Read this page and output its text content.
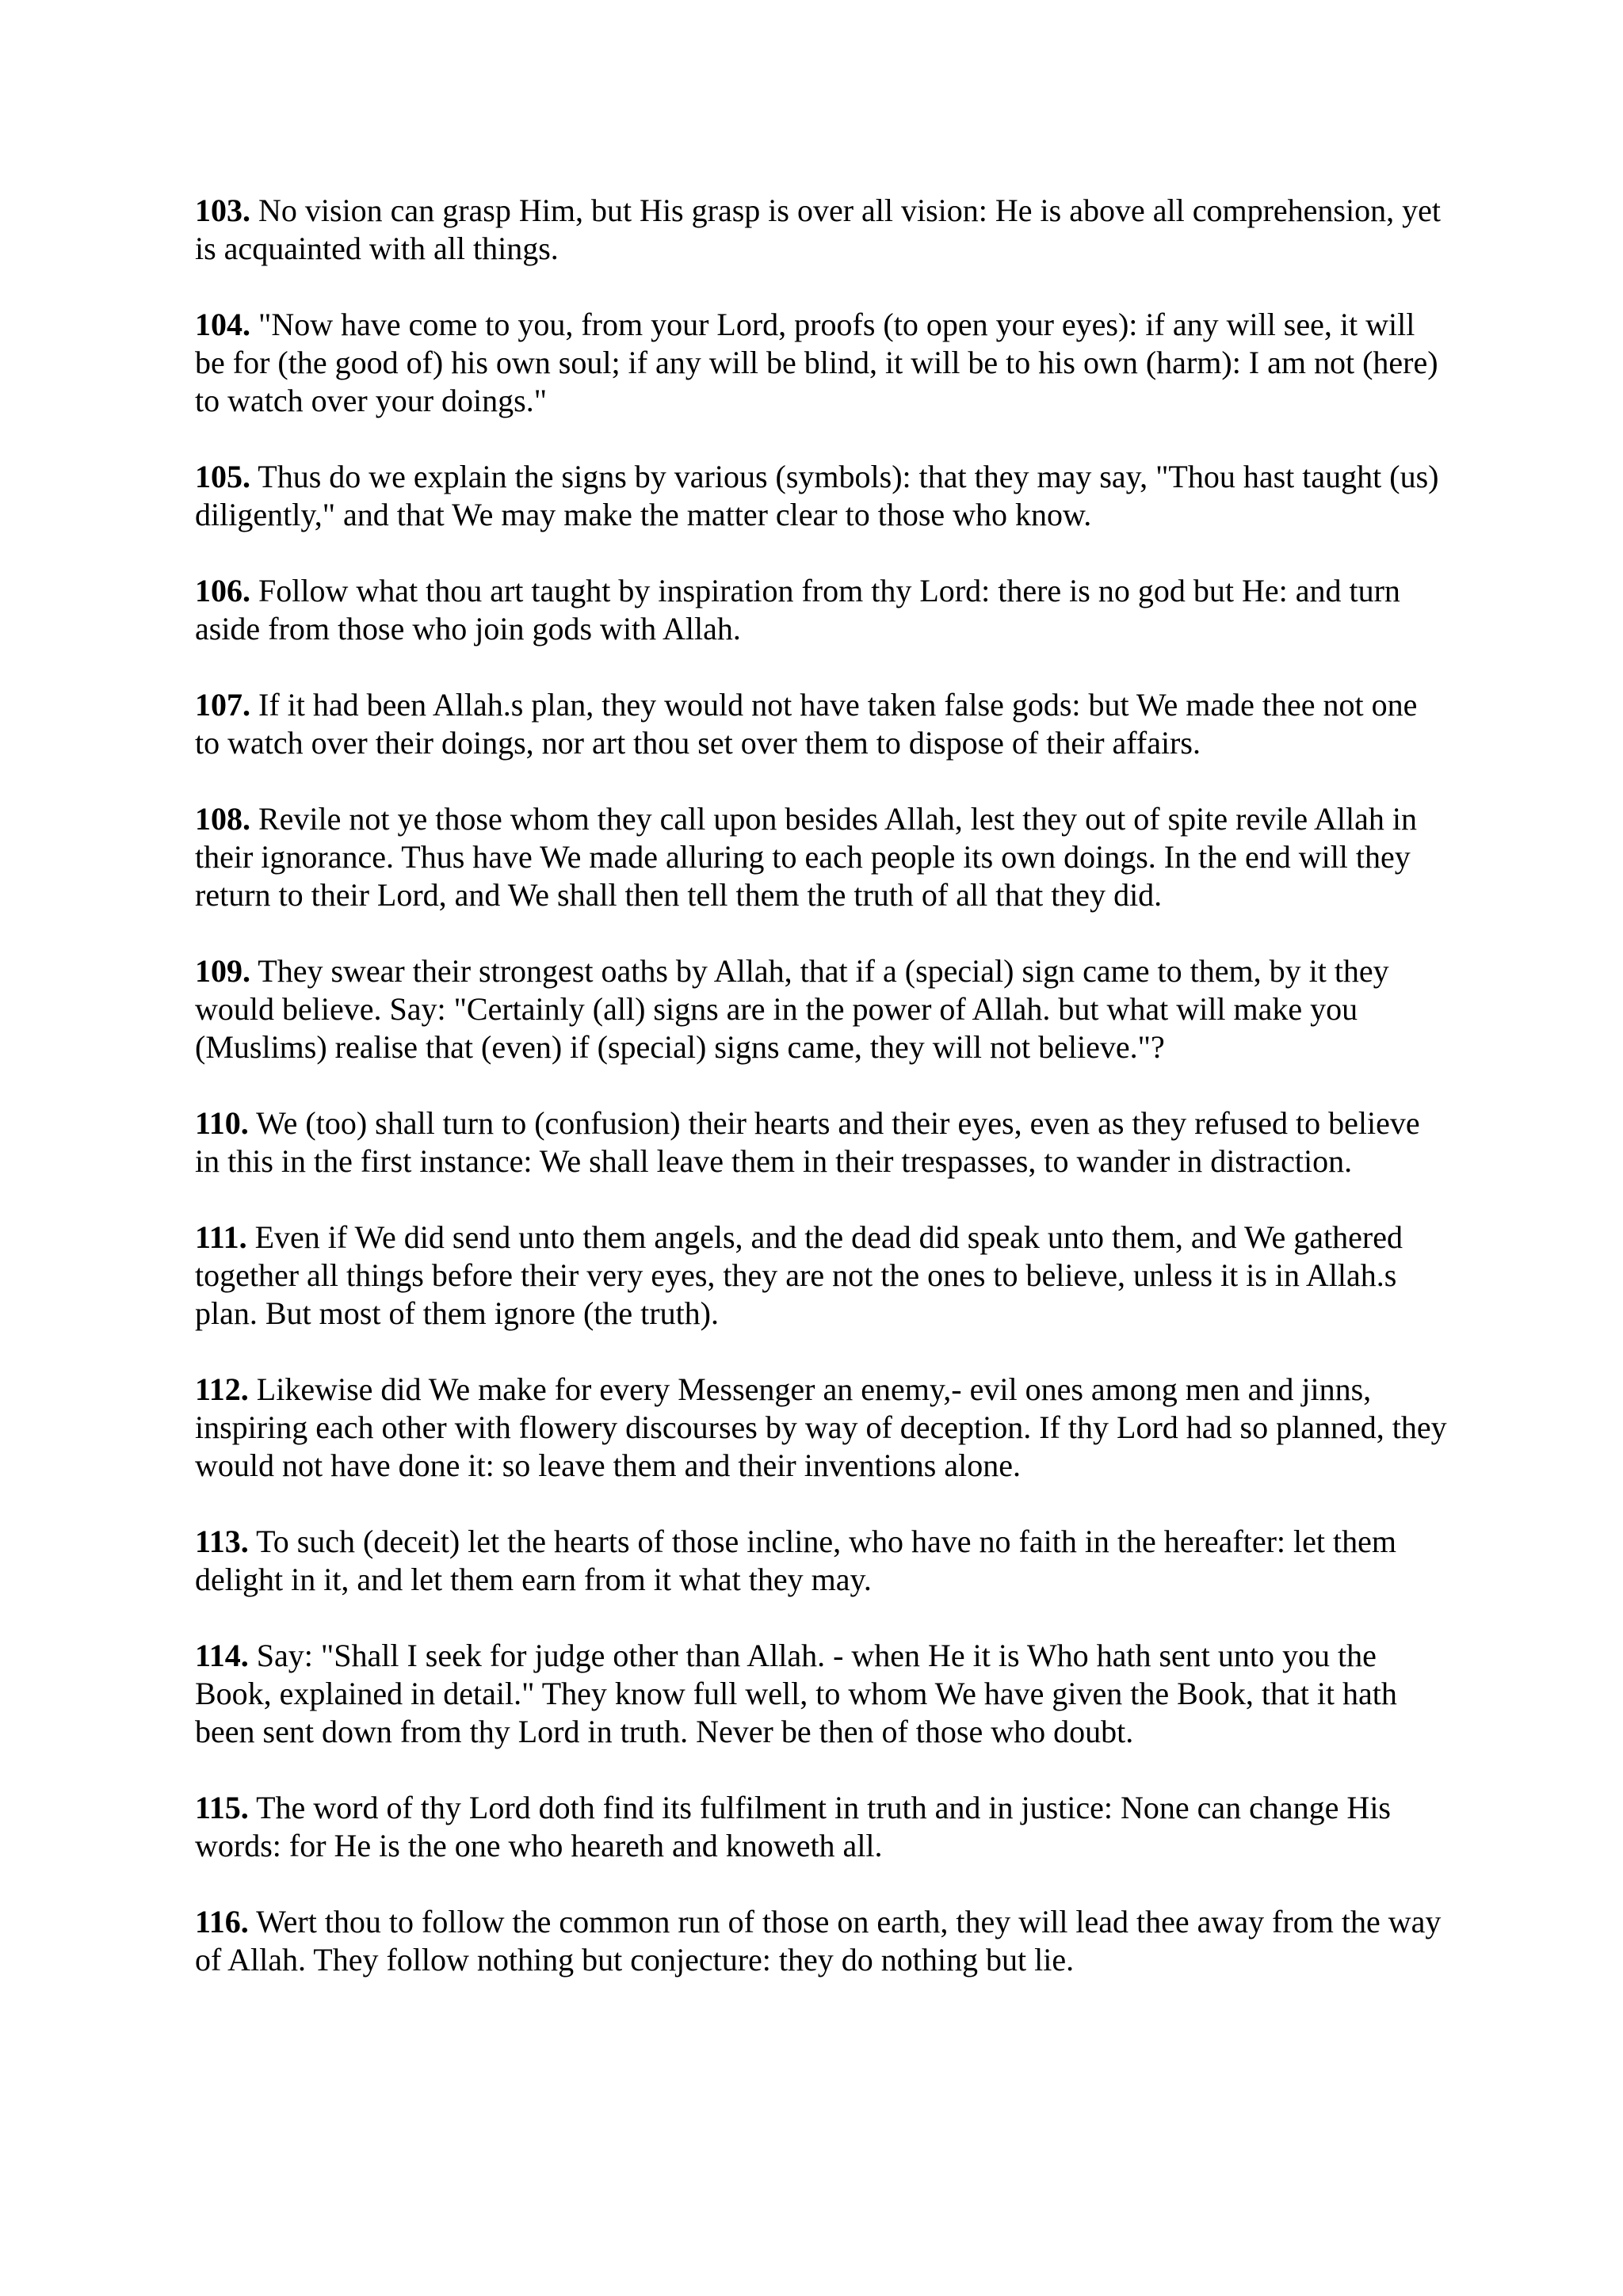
103. No vision can grasp Him, but His grasp is over all vision: He is above all comprehension, yet is acquainted with all things.
104. "Now have come to you, from your Lord, proofs (to open your eyes): if any will see, it will be for (the good of) his own soul; if any will be blind, it will be to his own (harm): I am not (here) to watch over your doings."
105. Thus do we explain the signs by various (symbols): that they may say, "Thou hast taught (us) diligently," and that We may make the matter clear to those who know.
106. Follow what thou art taught by inspiration from thy Lord: there is no god but He: and turn aside from those who join gods with Allah.
107. If it had been Allah.s plan, they would not have taken false gods: but We made thee not one to watch over their doings, nor art thou set over them to dispose of their affairs.
108. Revile not ye those whom they call upon besides Allah, lest they out of spite revile Allah in their ignorance. Thus have We made alluring to each people its own doings. In the end will they return to their Lord, and We shall then tell them the truth of all that they did.
109. They swear their strongest oaths by Allah, that if a (special) sign came to them, by it they would believe. Say: "Certainly (all) signs are in the power of Allah. but what will make you (Muslims) realise that (even) if (special) signs came, they will not believe."?
110. We (too) shall turn to (confusion) their hearts and their eyes, even as they refused to believe in this in the first instance: We shall leave them in their trespasses, to wander in distraction.
111. Even if We did send unto them angels, and the dead did speak unto them, and We gathered together all things before their very eyes, they are not the ones to believe, unless it is in Allah.s plan. But most of them ignore (the truth).
112. Likewise did We make for every Messenger an enemy,- evil ones among men and jinns, inspiring each other with flowery discourses by way of deception. If thy Lord had so planned, they would not have done it: so leave them and their inventions alone.
113. To such (deceit) let the hearts of those incline, who have no faith in the hereafter: let them delight in it, and let them earn from it what they may.
114. Say: "Shall I seek for judge other than Allah. - when He it is Who hath sent unto you the Book, explained in detail." They know full well, to whom We have given the Book, that it hath been sent down from thy Lord in truth. Never be then of those who doubt.
115. The word of thy Lord doth find its fulfilment in truth and in justice: None can change His words: for He is the one who heareth and knoweth all.
116. Wert thou to follow the common run of those on earth, they will lead thee away from the way of Allah. They follow nothing but conjecture: they do nothing but lie.
